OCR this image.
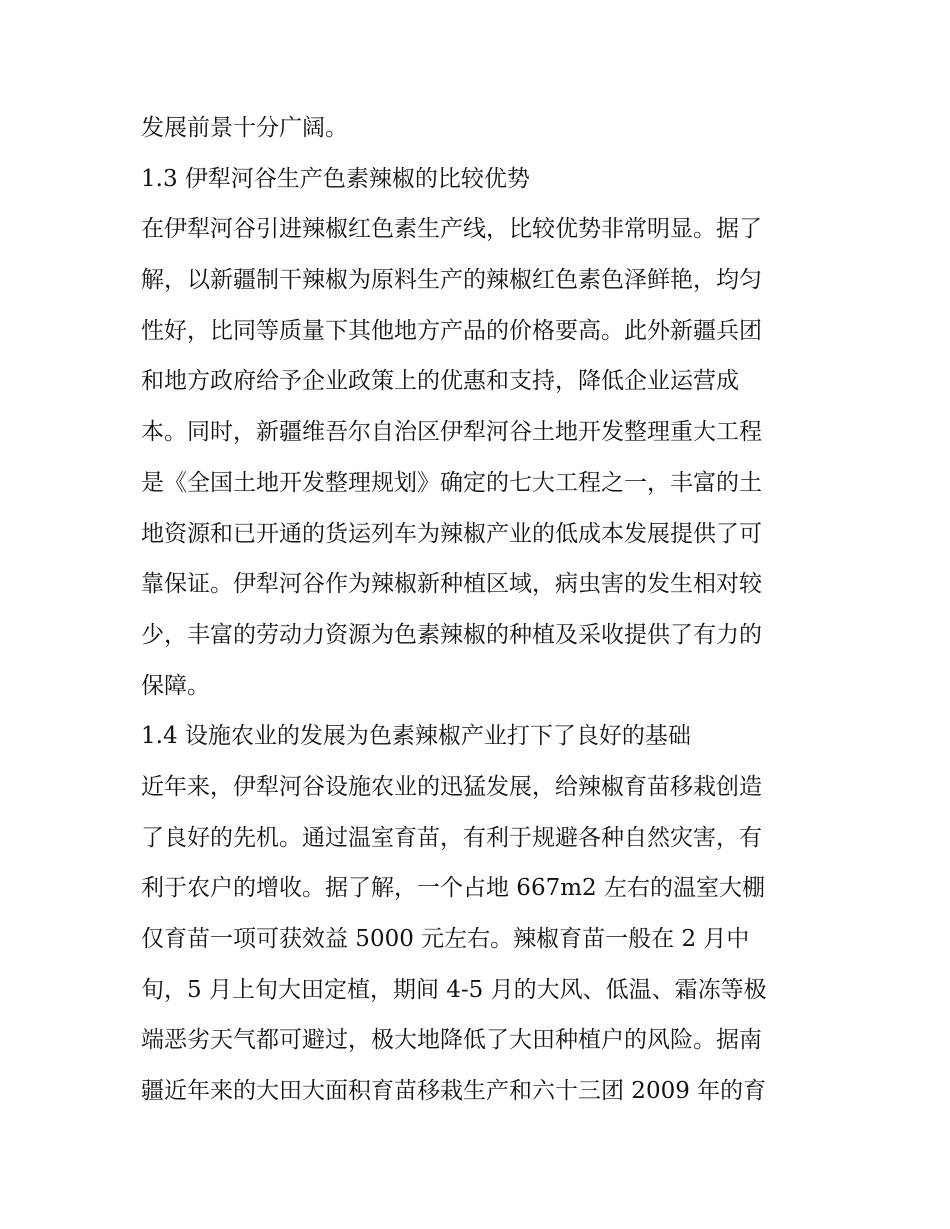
发展前景十分广阔。
1.3 伊犁河谷生产色素辣椒的比较优势
在伊犁河谷引进辣椒红色素生产线，比较优势非常明显。据了
解，以新疆制干辣椒为原料生产的辣椒红色素色泽鲜艳，均匀
性好，比同等质量下其他地方产品的价格要高。此外新疆兵团
和地方政府给予企业政策上的优惠和支持，降低企业运营成
本。同时，新疆维吾尔自治区伊犁河谷土地开发整理重大工程
是《全国土地开发整理规划》确定的七大工程之一，丰富的土
地资源和已开通的货运列车为辣椒产业的低成本发展提供了可
靠保证。伊犁河谷作为辣椒新种植区域，病虫害的发生相对较
少，丰富的劳动力资源为色素辣椒的种植及采收提供了有力的
保障。
1.4 设施农业的发展为色素辣椒产业打下了良好的基础
近年来，伊犁河谷设施农业的迅猛发展，给辣椒育苗移栽创造
了良好的先机。通过温室育苗，有利于规避各种自然灾害，有
利于农户的增收。据了解，一个占地 667m2 左右的温室大棚
仅育苗一项可获效益 5000 元左右。辣椒育苗一般在 2 月中
旬，5 月上旬大田定植，期间 4-5 月的大风、低温、霜冻等极
端恶劣天气都可避过，极大地降低了大田种植户的风险。据南
疆近年来的大田大面积育苗移栽生产和六十三团 2009 年的育
